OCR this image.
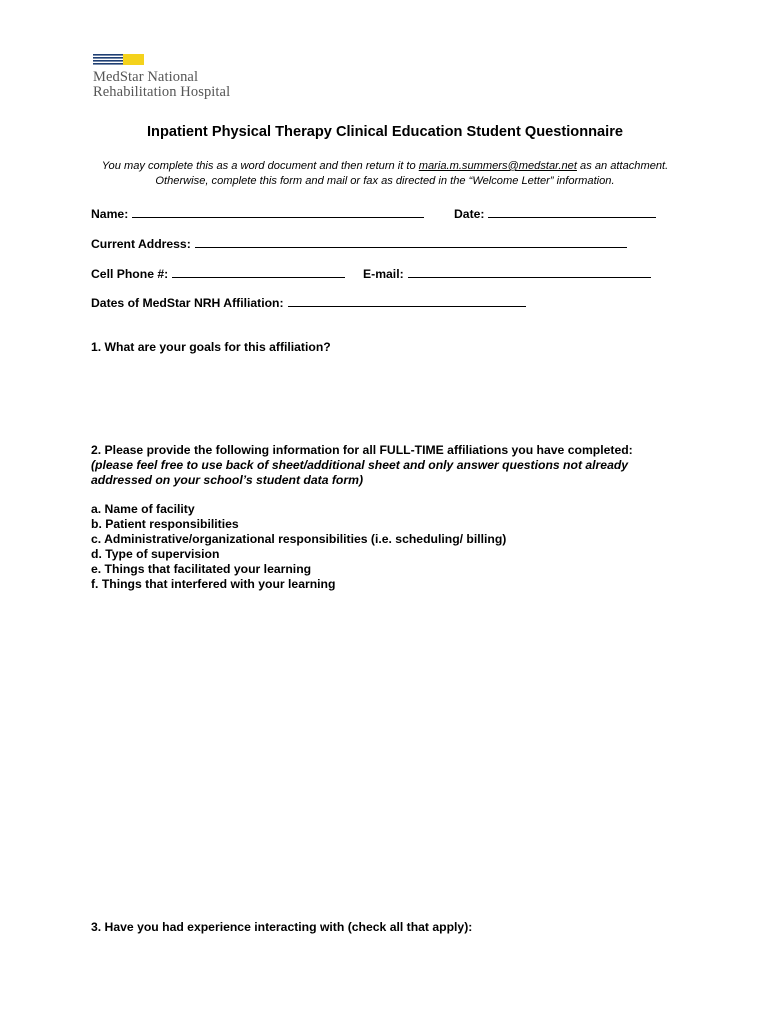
MedStar National
Rehabilitation Hospital
Inpatient Physical Therapy Clinical Education Student Questionnaire
You may complete this as a word document and then return it to maria.m.summers@medstar.net as an attachment.
Otherwise, complete this form and mail or fax as directed in the “Welcome Letter” information.
Name:	Date:
Current Address:
Cell Phone #:	E-mail:
Dates of MedStar NRH Affiliation:
1. What are your goals for this affiliation?
2. Please provide the following information for all FULL-TIME affiliations you have completed:
(please feel free to use back of sheet/additional sheet and only answer questions not already
addressed on your school’s student data form)
a. Name of facility
b. Patient responsibilities
c. Administrative/organizational responsibilities (i.e. scheduling/ billing)
d. Type of supervision
e. Things that facilitated your learning
f. Things that interfered with your learning
3. Have you had experience interacting with (check all that apply):
